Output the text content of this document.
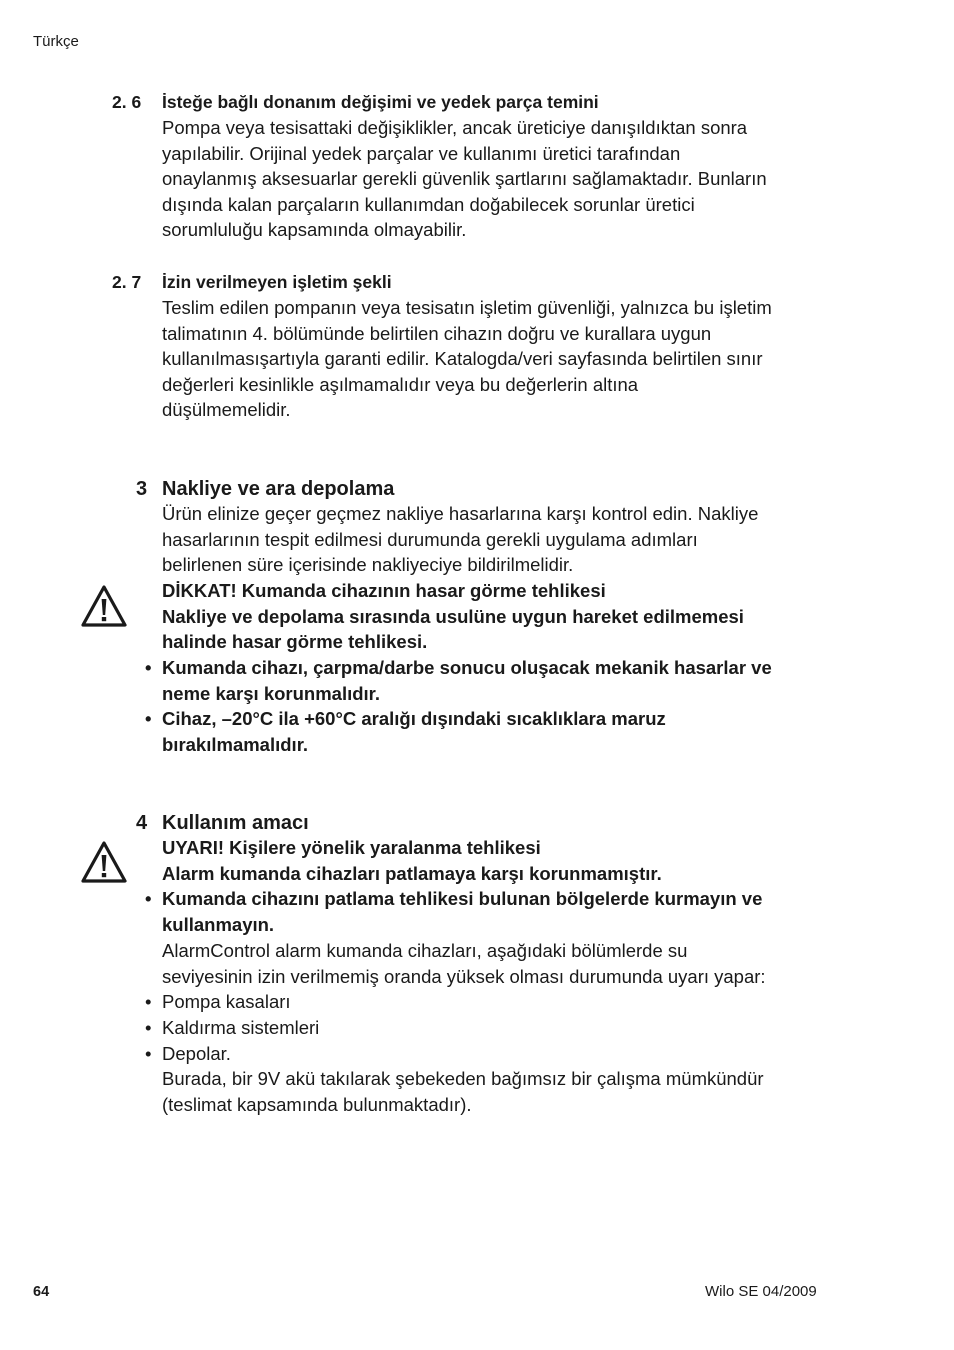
Türkçe
2. 6	İsteğe bağlı donanım değişimi ve yedek parça temini
Pompa veya tesisattaki değişiklikler, ancak üreticiye danışıldıktan sonra
yapılabilir. Orijinal yedek parçalar ve kullanımı üretici tarafından
onaylanmış aksesuarlar gerekli güvenlik şartlarını sağlamaktadır. Bunların
dışında kalan parçaların kullanımdan doğabilecek sorunlar üretici
sorumluluğu kapsamında olmayabilir.
2. 7	İzin verilmeyen işletim şekli
Teslim edilen pompanın veya tesisatın işletim güvenliği, yalnızca bu işletim
talimatının 4. bölümünde belirtilen cihazın doğru ve kurallara uygun
kullanılmasışartıyla garanti edilir. Katalogda/veri sayfasında belirtilen sınır
değerleri kesinlikle aşılmamalıdır veya bu değerlerin altına
düşülmemelidir.
3 Nakliye ve ara depolama
Ürün elinize geçer geçmez nakliye hasarlarına karşı kontrol edin. Nakliye
hasarlarının tespit edilmesi durumunda gerekli uygulama adımları
belirlenen süre içerisinde nakliyeciye bildirilmelidir.
DİKKAT! Kumanda cihazının hasar görme tehlikesi
Nakliye ve depolama sırasında usulüne uygun hareket edilmemesi
halinde hasar görme tehlikesi.
• Kumanda cihazı, çarpma/darbe sonucu oluşacak mekanik hasarlar ve
neme karşı korunmalıdır.
• Cihaz, –20°C ila +60°C aralığı dışındaki sıcaklıklara maruz
bırakılmamalıdır.
4 Kullanım amacı
UYARI! Kişilere yönelik yaralanma tehlikesi
Alarm kumanda cihazları patlamaya karşı korunmamıştır.
• Kumanda cihazını patlama tehlikesi bulunan bölgelerde kurmayın ve
kullanmayın.
AlarmControl alarm kumanda cihazları, aşağıdaki bölümlerde su
seviyesinin izin verilmemiş oranda yüksek olması durumunda uyarı yapar:
• Pompa kasaları
• Kaldırma sistemleri
• Depolar.
Burada, bir 9V akü takılarak şebekeden bağımsız bir çalışma mümkündür
(teslimat kapsamında bulunmaktadır).
64	Wilo SE 04/2009
